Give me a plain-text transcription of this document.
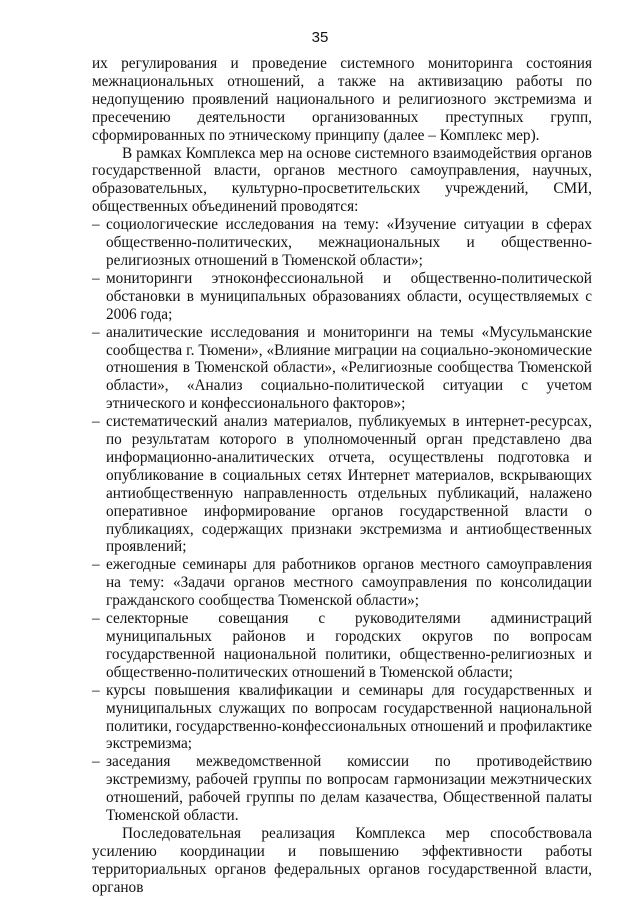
35

их регулирования и проведение системного мониторинга состояния межнациональных отношений, а также на активизацию работы по недопущению проявлений национального и религиозного экстремизма и пресечению деятельности организованных преступных групп, сформированных по этническому принципу (далее – Комплекс мер).

В рамках Комплекса мер на основе системного взаимодействия органов государственной власти, органов местного самоуправления, научных, образовательных, культурно-просветительских учреждений, СМИ, общественных объединений проводятся:

– социологические исследования на тему: «Изучение ситуации в сферах общественно-политических, межнациональных и общественно-религиозных отношений в Тюменской области»;
– мониторинги этноконфессиональной и общественно-политической обстановки в муниципальных образованиях области, осуществляемых с 2006 года;
– аналитические исследования и мониторинги на темы «Мусульманские сообщества г. Тюмени», «Влияние миграции на социально-экономические отношения в Тюменской области», «Религиозные сообщества Тюменской области», «Анализ социально-политической ситуации с учетом этнического и конфессионального факторов»;
– систематический анализ материалов, публикуемых в интернет-ресурсах, по результатам которого в уполномоченный орган представлено два информационно-аналитических отчета, осуществлены подготовка и опубликование в социальных сетях Интернет материалов, вскрывающих антиобщественную направленность отдельных публикаций, налажено оперативное информирование органов государственной власти о публикациях, содержащих признаки экстремизма и антиобщественных проявлений;
– ежегодные семинары для работников органов местного самоуправления на тему: «Задачи органов местного самоуправления по консолидации гражданского сообщества Тюменской области»;
– селекторные совещания с руководителями администраций муниципальных районов и городских округов по вопросам государственной национальной политики, общественно-религиозных и общественно-политических отношений в Тюменской области;
– курсы повышения квалификации и семинары для государственных и муниципальных служащих по вопросам государственной национальной политики, государственно-конфессиональных отношений и профилактике экстремизма;
– заседания межведомственной комиссии по противодействию экстремизму, рабочей группы по вопросам гармонизации межэтнических отношений, рабочей группы по делам казачества, Общественной палаты Тюменской области.

Последовательная реализация Комплекса мер способствовала усилению координации и повышению эффективности работы территориальных органов федеральных органов государственной власти, органов
